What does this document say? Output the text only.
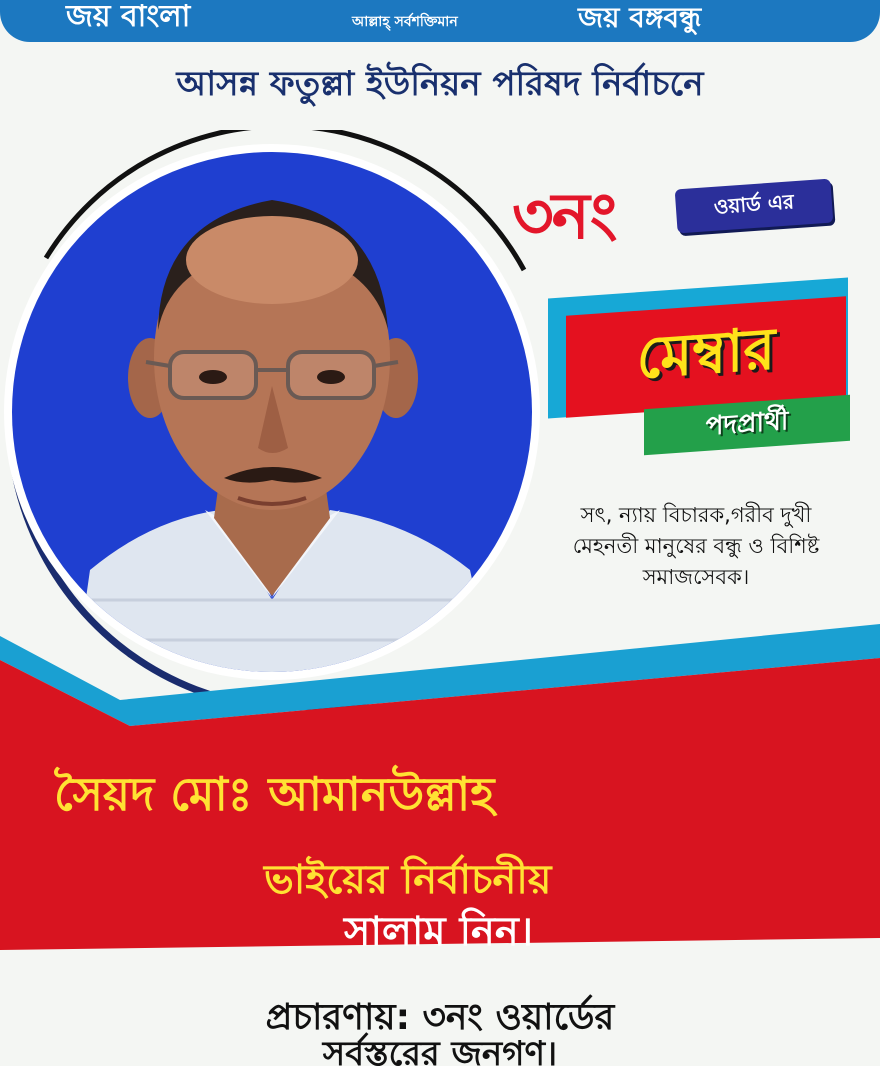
জয় বাংলা	আল্লাহ্ সর্বশক্তিমান	জয় বঙ্গবন্ধু
আসন্ন ফতুল্লা ইউনিয়ন পরিষদ নির্বাচনে
৩নং	ওয়ার্ড এর
মেম্বার
পদপ্রার্থী
সৎ, ন্যায় বিচারক,গরীব দুখী
মেহনতী মানুষের বন্ধু ও বিশিষ্ট
সমাজসেবক।
সৈয়দ মোঃ আমানউল্লাহ
ভাইয়ের নির্বাচনীয়
সালাম নিন।
প্রচারণায়: ৩নং ওয়ার্ডের
সর্বস্তরের জনগণ।
